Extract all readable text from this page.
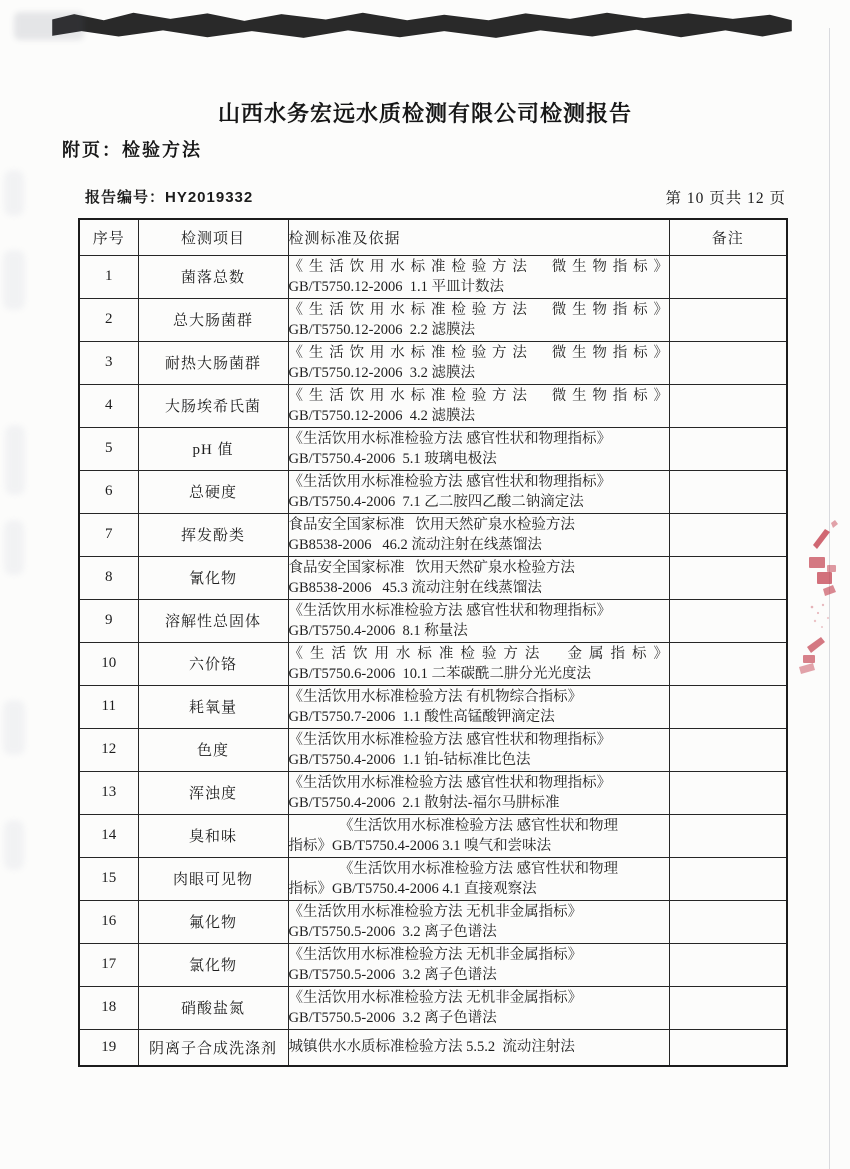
山西水务宏远水质检测有限公司检测报告
附页：检验方法
报告编号：HY2019332	第 10 页共 12 页
序号	检测项目	检测标准及依据	备注
1	菌落总数	《生活饮用水标准检验方法  微生物指标》
GB/T5750.12-2006  1.1 平皿计数法	

2	总大肠菌群	《生活饮用水标准检验方法  微生物指标》
GB/T5750.12-2006  2.2 滤膜法	

3	耐热大肠菌群	《生活饮用水标准检验方法  微生物指标》
GB/T5750.12-2006  3.2 滤膜法	

4	大肠埃希氏菌	《生活饮用水标准检验方法  微生物指标》
GB/T5750.12-2006  4.2 滤膜法	

5	pH 值	《生活饮用水标准检验方法 感官性状和物理指标》
GB/T5750.4-2006  5.1 玻璃电极法	

6	总硬度	《生活饮用水标准检验方法 感官性状和物理指标》
GB/T5750.4-2006  7.1 乙二胺四乙酸二钠滴定法	

7	挥发酚类	食品安全国家标准   饮用天然矿泉水检验方法
GB8538-2006   46.2 流动注射在线蒸馏法	

8	氰化物	食品安全国家标准   饮用天然矿泉水检验方法
GB8538-2006   45.3 流动注射在线蒸馏法	

9	溶解性总固体	《生活饮用水标准检验方法 感官性状和物理指标》
GB/T5750.4-2006  8.1 称量法	

10	六价铬	《生活饮用水标准检验方法  金属指标》
GB/T5750.6-2006  10.1 二苯碳酰二肼分光光度法	

11	耗氧量	《生活饮用水标准检验方法 有机物综合指标》
GB/T5750.7-2006  1.1 酸性高锰酸钾滴定法	

12	色度	《生活饮用水标准检验方法 感官性状和物理指标》
GB/T5750.4-2006  1.1 铂-钴标准比色法	

13	浑浊度	《生活饮用水标准检验方法 感官性状和物理指标》
GB/T5750.4-2006  2.1 散射法-福尔马肼标准	

14	臭和味	《生活饮用水标准检验方法 感官性状和物理
指标》GB/T5750.4-2006 3.1 嗅气和尝味法	

15	肉眼可见物	《生活饮用水标准检验方法 感官性状和物理
指标》GB/T5750.4-2006 4.1 直接观察法	

16	氟化物	《生活饮用水标准检验方法 无机非金属指标》
GB/T5750.5-2006  3.2 离子色谱法	

17	氯化物	《生活饮用水标准检验方法 无机非金属指标》
GB/T5750.5-2006  3.2 离子色谱法	

18	硝酸盐氮	《生活饮用水标准检验方法 无机非金属指标》
GB/T5750.5-2006  3.2 离子色谱法	

19	阴离子合成洗涤剂	城镇供水水质标准检验方法 5.5.2  流动注射法	
